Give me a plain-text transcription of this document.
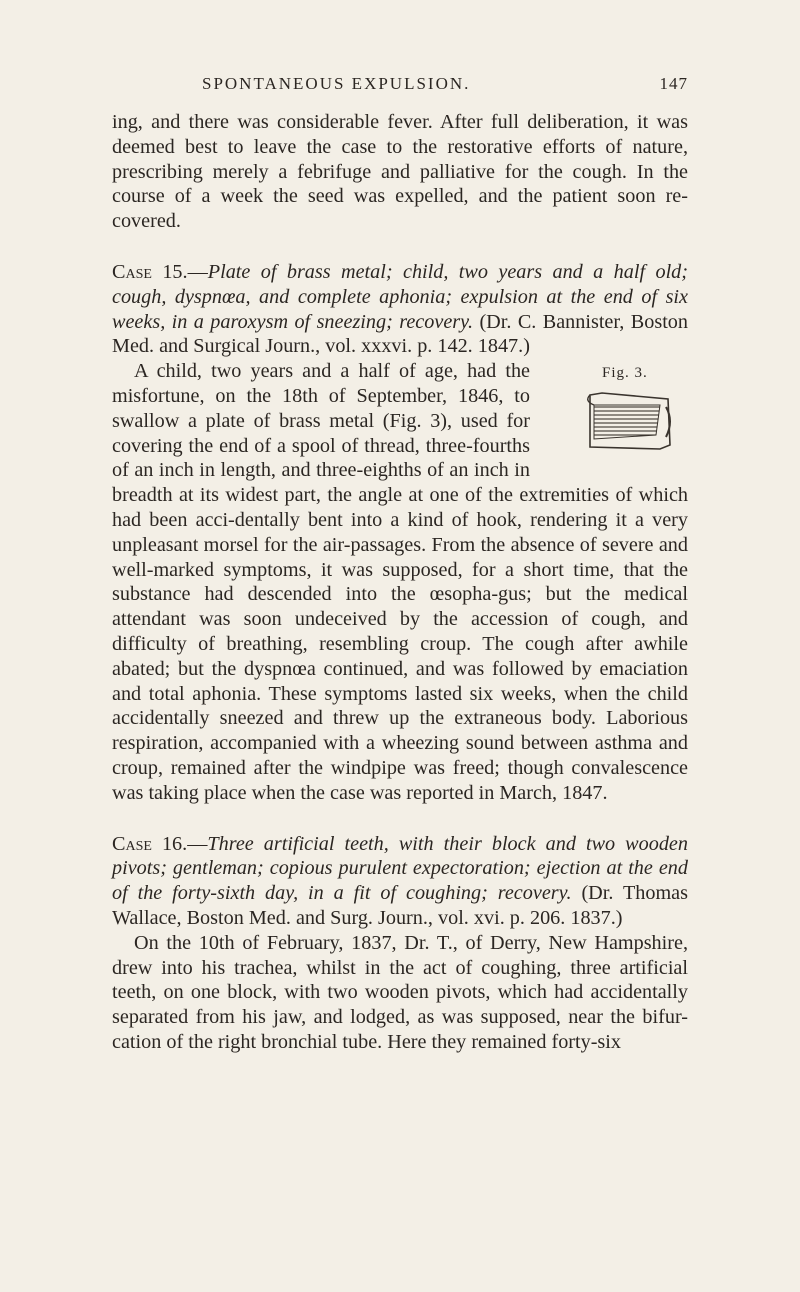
SPONTANEOUS EXPULSION.	147

ing, and there was considerable fever. After full deliberation, it was deemed best to leave the case to the restorative efforts of nature, prescribing merely a febrifuge and palliative for the cough. In the course of a week the seed was expelled, and the patient soon re-covered.

Case 15.—Plate of brass metal; child, two years and a half old; cough, dyspnœa, and complete aphonia; expulsion at the end of six weeks, in a paroxysm of sneezing; recovery. (Dr. C. Bannister, Boston Med. and Surgical Journ., vol. xxxvi. p. 142. 1847.)

Fig. 3.
A child, two years and a half of age, had the misfortune, on the 18th of September, 1846, to swallow a plate of brass metal (Fig. 3), used for covering the end of a spool of thread, three-fourths of an inch in length, and three-eighths of an inch in breadth at its widest part, the angle at one of the extremities of which had been acci-dentally bent into a kind of hook, rendering it a very unpleasant morsel for the air-passages. From the absence of severe and well-marked symptoms, it was supposed, for a short time, that the substance had descended into the œsopha-gus; but the medical attendant was soon undeceived by the accession of cough, and difficulty of breathing, resembling croup. The cough after awhile abated; but the dyspnœa continued, and was followed by emaciation and total aphonia. These symptoms lasted six weeks, when the child accidentally sneezed and threw up the extraneous body. Laborious respiration, accompanied with a wheezing sound between asthma and croup, remained after the windpipe was freed; though convalescence was taking place when the case was reported in March, 1847.

Case 16.—Three artificial teeth, with their block and two wooden pivots; gentleman; copious purulent expectoration; ejection at the end of the forty-sixth day, in a fit of coughing; recovery. (Dr. Thomas Wallace, Boston Med. and Surg. Journ., vol. xvi. p. 206. 1837.)

On the 10th of February, 1837, Dr. T., of Derry, New Hampshire, drew into his trachea, whilst in the act of coughing, three artificial teeth, on one block, with two wooden pivots, which had accidentally separated from his jaw, and lodged, as was supposed, near the bifur-cation of the right bronchial tube. Here they remained forty-six
